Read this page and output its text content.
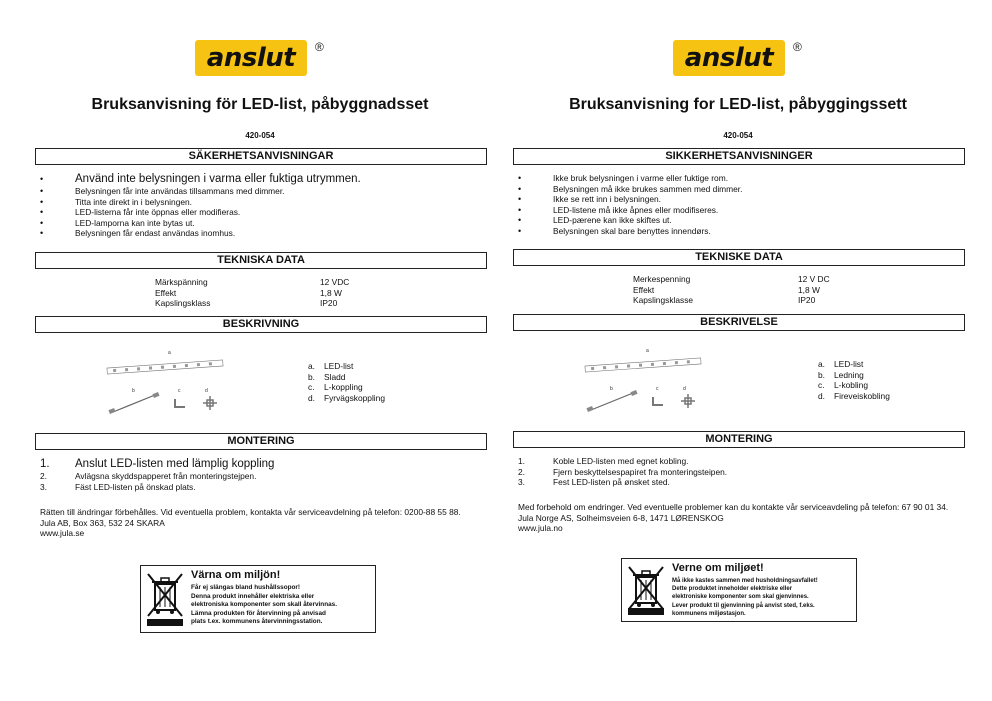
anslut ®
Bruksanvisning för LED-list, påbyggnadsset
420-054
SÄKERHETSANVISNINGAR
• Använd inte belysningen i varma eller fuktiga utrymmen.
• Belysningen får inte användas tillsammans med dimmer.
• Titta inte direkt in i belysningen.
• LED-listerna får inte öppnas eller modifieras.
• LED-lamporna kan inte bytas ut.
• Belysningen får endast användas inomhus.
TEKNISKA DATA
Märkspänning	12 VDC
Effekt	1,8 W
Kapslingsklass	IP20
BESKRIVNING
a
b	c	d
a.	LED-list
b.	Sladd
c.	L-koppling
d.	Fyrvägskoppling
MONTERING
1.	Anslut LED-listen med lämplig koppling
2.	Avlägsna skyddspapperet från monteringstejpen.
3.	Fäst LED-listen på önskad plats.

Rätten till ändringar förbehålles. Vid eventuella problem, kontakta vår serviceavdelning på telefon: 0200-88 55 88.

Jula AB, Box 363, 532 24 SKARA

www.jula.se

Värna om miljön!
Får ej slängas bland hushållssopor!
Denna produkt innehåller elektriska eller
elektroniska komponenter som skall återvinnas.
Lämna produkten för återvinning på anvisad
plats t.ex. kommunens återvinningsstation.
anslut ®
Bruksanvisning for LED-list, påbyggingssett
420-054
SIKKERHETSANVISNINGER
• Ikke bruk belysningen i varme eller fuktige rom.
• Belysningen må ikke brukes sammen med dimmer.
• Ikke se rett inn i belysningen.
• LED-listene må ikke åpnes eller modifiseres.
• LED-pærene kan ikke skiftes ut.
• Belysningen skal bare benyttes innendørs.
TEKNISKE DATA
Merkespenning	12 V DC
Effekt	1,8 W
Kapslingsklasse	IP20
BESKRIVELSE
a
b	c	d
a.	LED-list
b.	Ledning
c.	L-kobling
d.	Fireveiskobling
MONTERING
1.	Koble LED-listen med egnet kobling.
2.	Fjern beskyttelsespapiret fra monteringsteipen.
3.	Fest LED-listen på ønsket sted.

Med forbehold om endringer. Ved eventuelle problemer kan du kontakte vår serviceavdeling på telefon: 67 90 01 34.

Jula Norge AS, Solheimsveien 6-8, 1471 LØRENSKOG

www.jula.no

Verne om miljøet!
Må ikke kastes sammen med husholdningsavfallet!
Dette produktet inneholder elektriske eller
elektroniske komponenter som skal gjenvinnes.
Lever produkt til gjenvinning på anvist sted, f.eks.
kommunens miljøstasjon.
